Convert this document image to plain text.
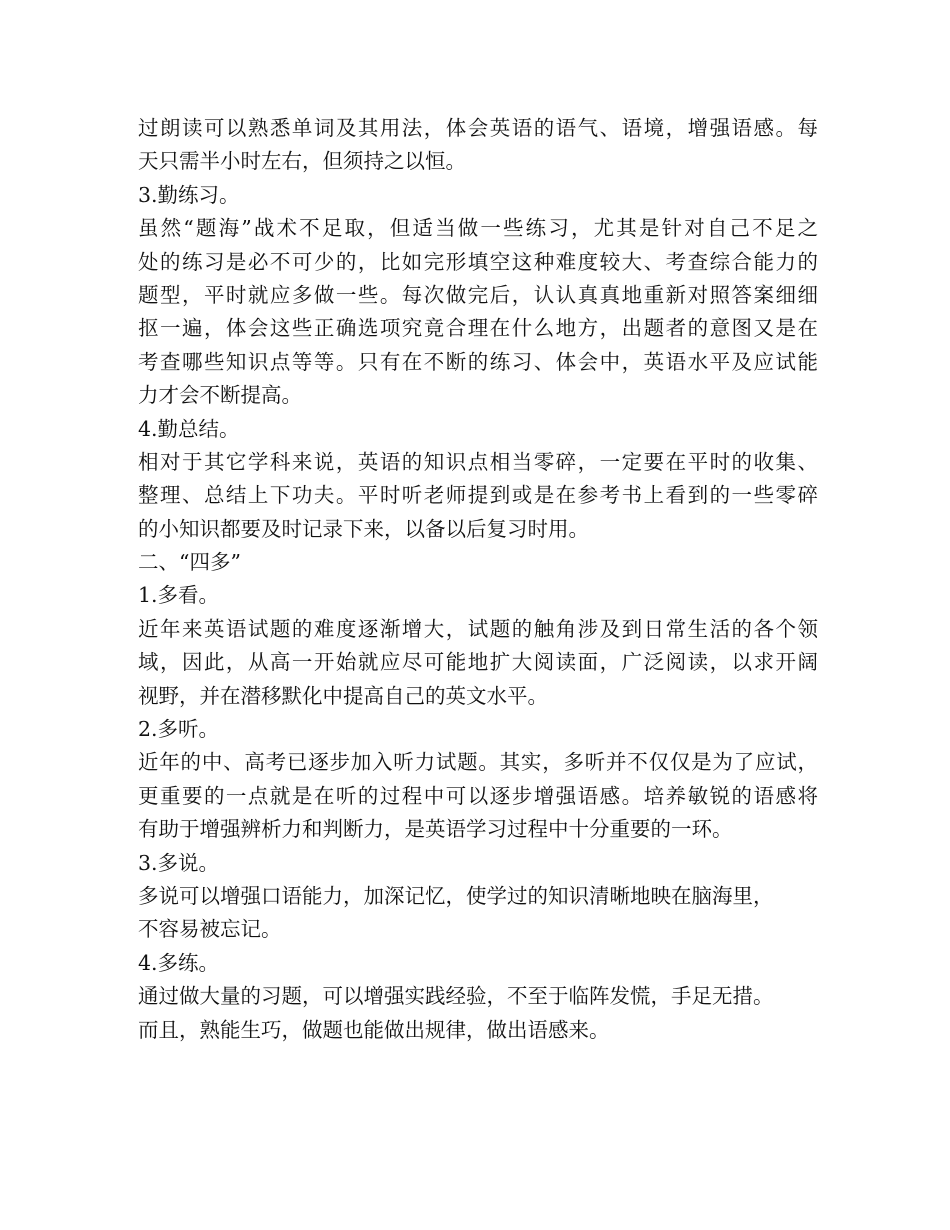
过朗读可以熟悉单词及其用法，体会英语的语气、语境，增强语感。每
天只需半小时左右，但须持之以恒。
3.勤练习。
虽然“题海”战术不足取，但适当做一些练习，尤其是针对自己不足之
处的练习是必不可少的，比如完形填空这种难度较大、考查综合能力的
题型，平时就应多做一些。每次做完后，认认真真地重新对照答案细细
抠一遍，体会这些正确选项究竟合理在什么地方，出题者的意图又是在
考查哪些知识点等等。只有在不断的练习、体会中，英语水平及应试能
力才会不断提高。
4.勤总结。
相对于其它学科来说，英语的知识点相当零碎，一定要在平时的收集、
整理、总结上下功夫。平时听老师提到或是在参考书上看到的一些零碎
的小知识都要及时记录下来，以备以后复习时用。
二、“四多”
1.多看。
近年来英语试题的难度逐渐增大，试题的触角涉及到日常生活的各个领
域，因此，从高一开始就应尽可能地扩大阅读面，广泛阅读，以求开阔
视野，并在潜移默化中提高自己的英文水平。
2.多听。
近年的中、高考已逐步加入听力试题。其实，多听并不仅仅是为了应试，
更重要的一点就是在听的过程中可以逐步增强语感。培养敏锐的语感将
有助于增强辨析力和判断力，是英语学习过程中十分重要的一环。
3.多说。
多说可以增强口语能力，加深记忆，使学过的知识清晰地映在脑海里，
不容易被忘记。
4.多练。
通过做大量的习题，可以增强实践经验，不至于临阵发慌，手足无措。
而且，熟能生巧，做题也能做出规律，做出语感来。
